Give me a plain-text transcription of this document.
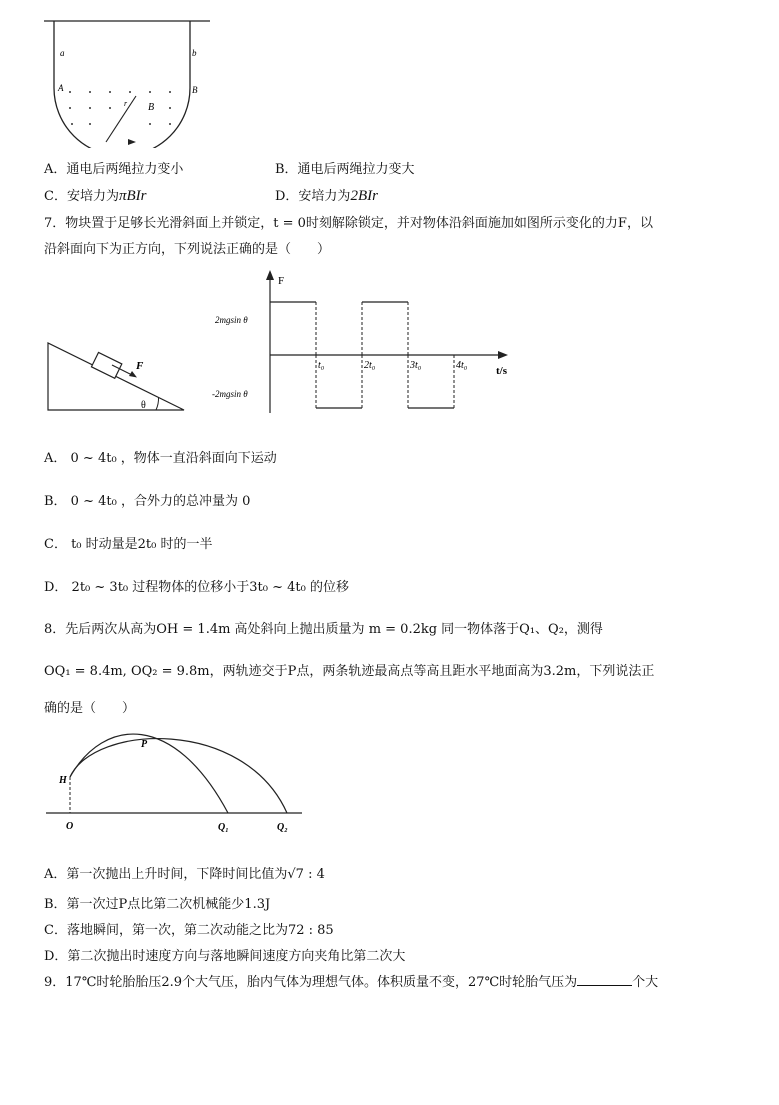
a	b
A	B
r B
A．通电后两绳拉力变小	B．通电后两绳拉力变大
C．安培力为πBIr	D．安培力为2BIr
7．物块置于足够长光滑斜面上并锁定，t = 0时刻解除锁定，并对物体沿斜面施加如图所示变化的力F，以
沿斜面向下为正方向，下列说法正确的是（　　）
F
θ
F
t/s
2mgsin θ
-2mgsin θ
t₀	2t₀	3t₀	4t₀
A． 0 ~ 4t₀ ，物体一直沿斜面向下运动
B． 0 ~ 4t₀ ，合外力的总冲量为 0
C． t₀ 时动量是2t₀ 时的一半
D． 2t₀ ~ 3t₀ 过程物体的位移小于3t₀ ~ 4t₀ 的位移
8．先后两次从高为OH = 1.4m 高处斜向上抛出质量为 m = 0.2kg 同一物体落于Q₁、Q₂，测得
OQ₁ = 8.4m, OQ₂ = 9.8m，两轨迹交于P点，两条轨迹最高点等高且距水平地面高为3.2m，下列说法正
确的是（　　）
H
P
O	Q₁	Q₂
A．第一次抛出上升时间，下降时间比值为√7 : 4
B．第一次过P点比第二次机械能少1.3J
C．落地瞬间，第一次，第二次动能之比为72 : 85
D．第二次抛出时速度方向与落地瞬间速度方向夹角比第二次大
9．17℃时轮胎胎压2.9个大气压，胎内气体为理想气体。体积质量不变，27℃时轮胎气压为	个大
